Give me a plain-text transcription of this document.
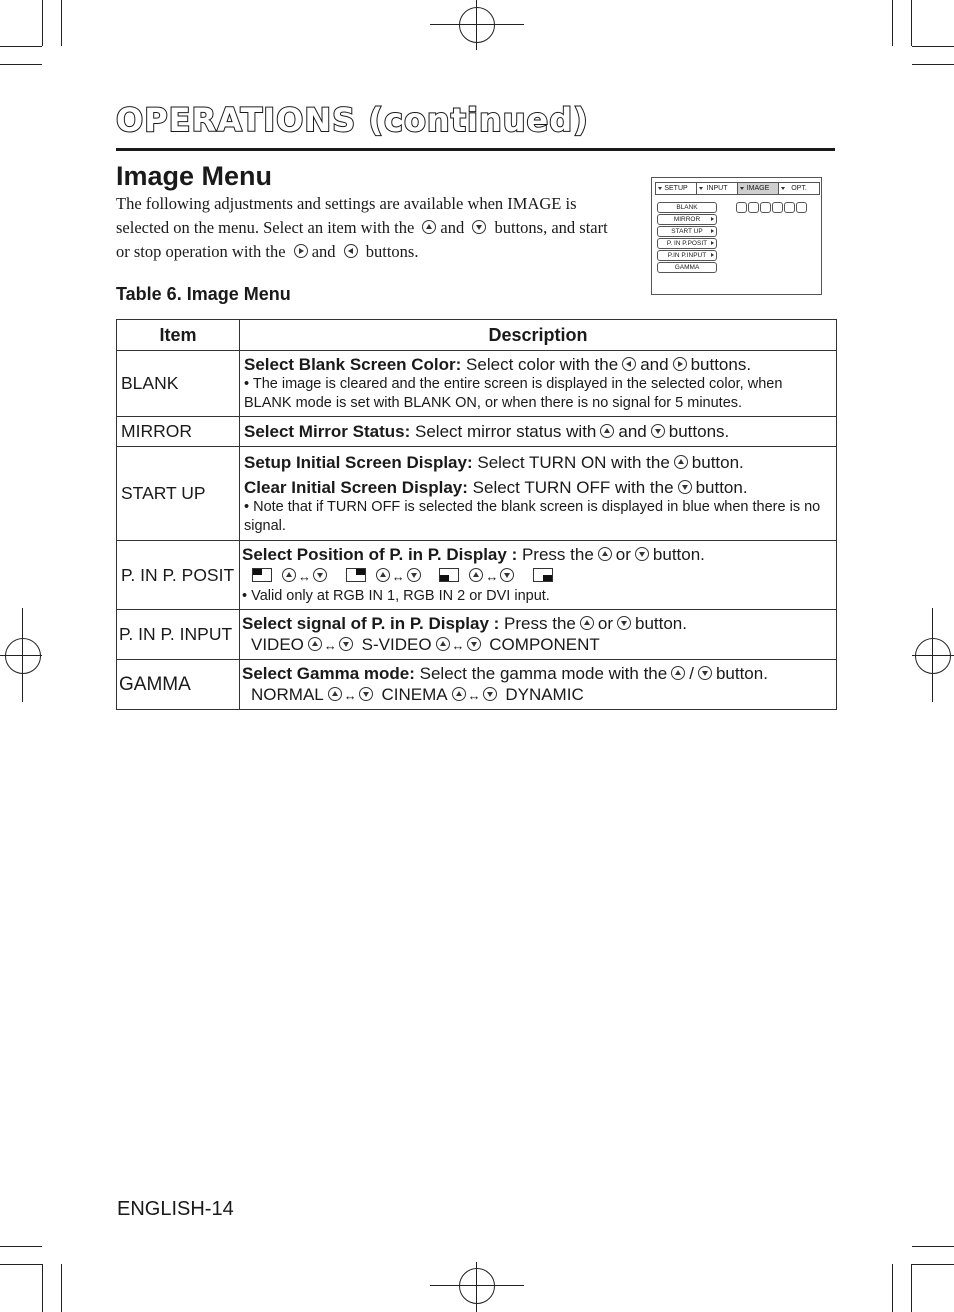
OPERATIONS (continued)
Image Menu
The following adjustments and settings are available when IMAGE is selected on the menu. Select an item with the and buttons, and start or stop operation with the and buttons.
SETUP	INPUT	IMAGE	OPT.
BLANK
MIRROR
START UP
P. IN P.POSIT
P.IN P.INPUT
GAMMA
Table 6. Image Menu
Item	Description
BLANK	Select Blank Screen Color: Select color with the and buttons.
• The image is cleared and the entire screen is displayed in the selected color, when BLANK mode is set with BLANK ON, or when there is no signal for 5 minutes.

MIRROR	Select Mirror Status: Select mirror status with and buttons.
START UP	Setup Initial Screen Display: Select TURN ON with the button.
Clear Initial Screen Display: Select TURN OFF with the button.
• Note that if TURN OFF is selected the blank screen is displayed in blue when there is no signal.

P. IN P. POSIT	Select Position of P. in P. Display : Press the or button.
↔ ↔ ↔
• Valid only at RGB IN 1, RGB IN 2 or DVI input.

P. IN P. INPUT	Select signal of P. in P. Display : Press the or button.
VIDEO ↔ S-VIDEO ↔ COMPONENT

GAMMA	Select Gamma mode: Select the gamma mode with the / button.
NORMAL ↔ CINEMA ↔ DYNAMIC
ENGLISH-14
